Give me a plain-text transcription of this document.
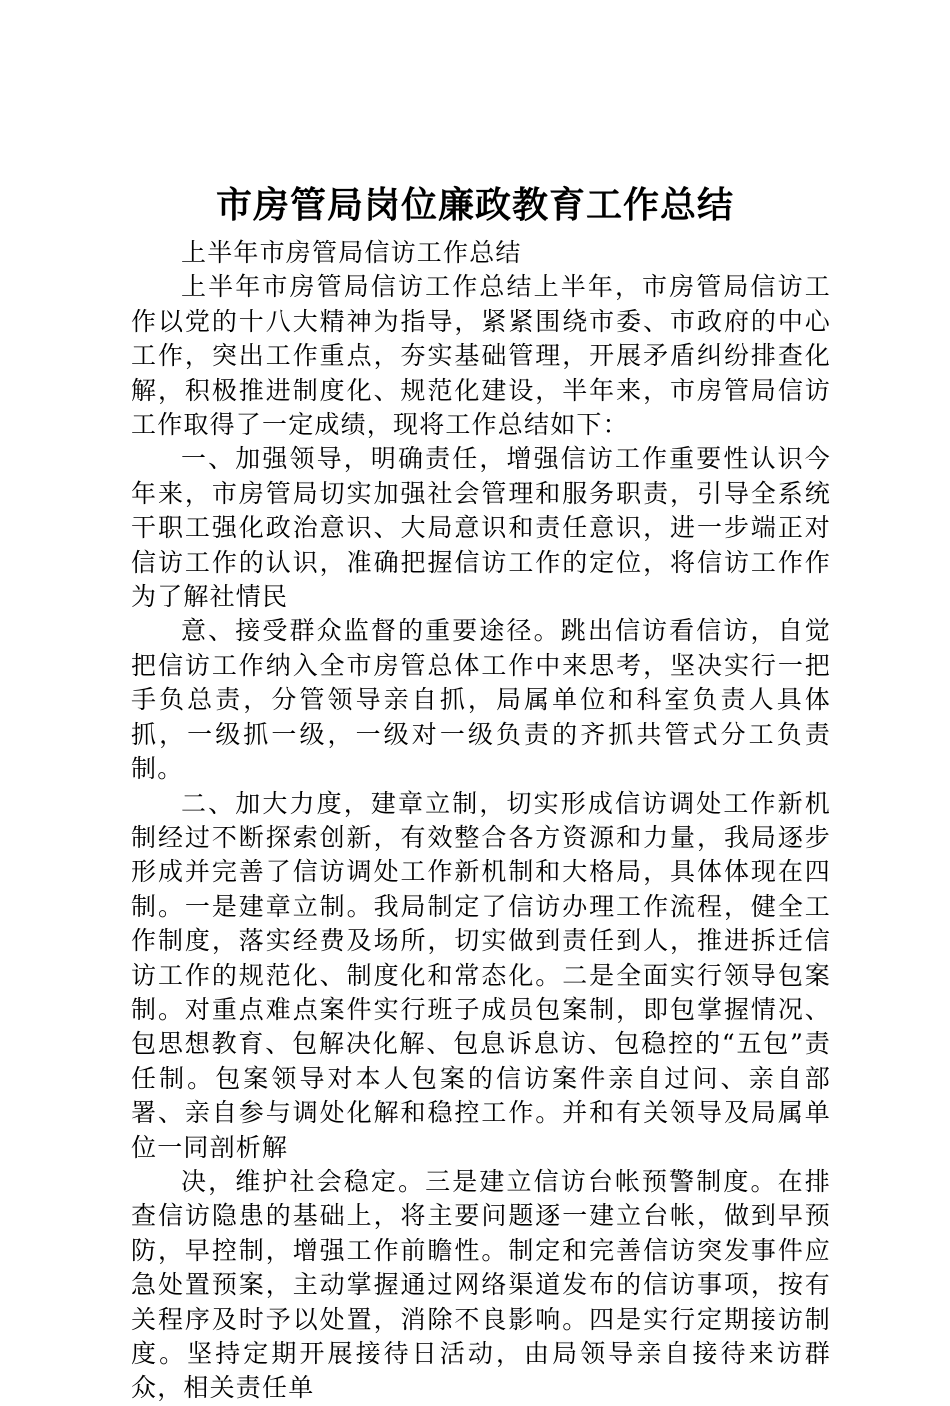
市房管局岗位廉政教育工作总结

上半年市房管局信访工作总结

上半年市房管局信访工作总结上半年，市房管局信访工作以党的十八大精神为指导，紧紧围绕市委、市政府的中心工作，突出工作重点，夯实基础管理，开展矛盾纠纷排查化解，积极推进制度化、规范化建设，半年来，市房管局信访工作取得了一定成绩，现将工作总结如下：

一、加强领导，明确责任，增强信访工作重要性认识今年来，市房管局切实加强社会管理和服务职责，引导全系统干职工强化政治意识、大局意识和责任意识，进一步端正对信访工作的认识，准确把握信访工作的定位，将信访工作作为了解社情民

意、接受群众监督的重要途径。跳出信访看信访，自觉把信访工作纳入全市房管总体工作中来思考，坚决实行一把手负总责，分管领导亲自抓，局属单位和科室负责人具体抓，一级抓一级，一级对一级负责的齐抓共管式分工负责制。

二、加大力度，建章立制，切实形成信访调处工作新机制经过不断探索创新，有效整合各方资源和力量，我局逐步形成并完善了信访调处工作新机制和大格局，具体体现在四制。一是建章立制。我局制定了信访办理工作流程，健全工作制度，落实经费及场所，切实做到责任到人，推进拆迁信访工作的规范化、制度化和常态化。二是全面实行领导包案制。对重点难点案件实行班子成员包案制，即包掌握情况、包思想教育、包解决化解、包息诉息访、包稳控的“五包”责任制。包案领导对本人包案的信访案件亲自过问、亲自部署、亲自参与调处化解和稳控工作。并和有关领导及局属单位一同剖析解

决，维护社会稳定。三是建立信访台帐预警制度。在排查信访隐患的基础上，将主要问题逐一建立台帐，做到早预防，早控制，增强工作前瞻性。制定和完善信访突发事件应急处置预案，主动掌握通过网络渠道发布的信访事项，按有关程序及时予以处置，消除不良影响。四是实行定期接访制度。坚持定期开展接待日活动，由局领导亲自接待来访群众，相关责任单
